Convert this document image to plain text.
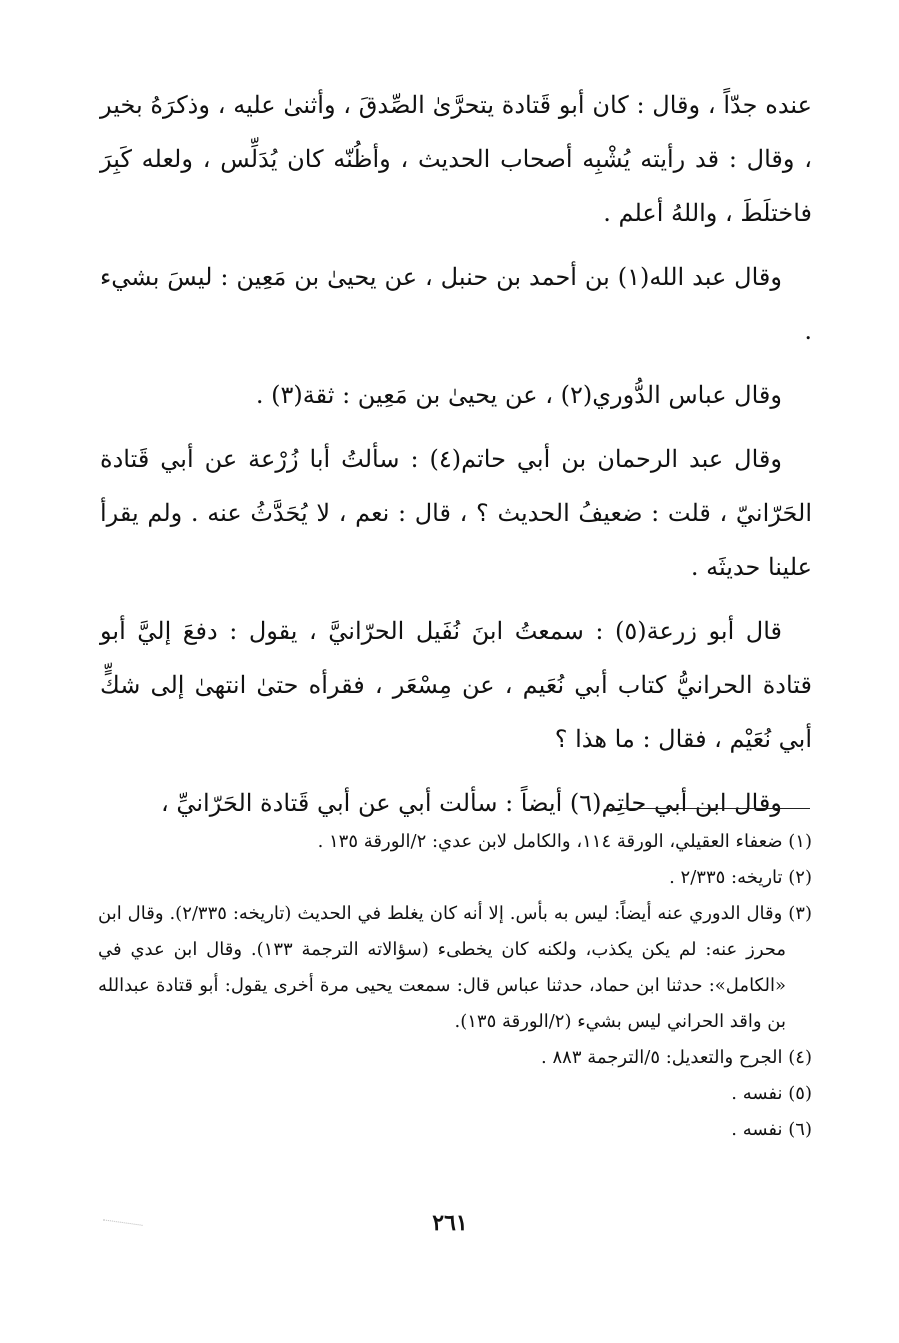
عنده جدّاً ، وقال : كان أبو قَتادة يتحرَّىٰ الصِّدقَ ، وأثنىٰ عليه ، وذكرَهُ بخير ، وقال : قد رأيته يُشْبِه أصحاب الحديث ، وأظُنّه كان يُدَلِّس ، ولعله كَبِرَ فاختلَطَ ، واللهُ أعلم .

وقال عبد الله(١) بن أحمد بن حنبل ، عن يحيىٰ بن مَعِين : ليسَ بشيء .

وقال عباس الدُّوري(٢) ، عن يحيىٰ بن مَعِين : ثقة(٣) .

وقال عبد الرحمان بن أبي حاتم(٤) : سألتُ أبا زُرْعة عن أبي قَتادة الحَرّانيّ ، قلت : ضعيفُ الحديث ؟ ، قال : نعم ، لا يُحَدَّثُ عنه . ولم يقرأ علينا حديثَه .

قال أبو زرعة(٥) : سمعتُ ابنَ نُفَيل الحرّانيَّ ، يقول : دفعَ إليَّ أبو قتادة الحرانيُّ كتاب أبي نُعَيم ، عن مِسْعَر ، فقرأه حتىٰ انتهىٰ إلى شكٍّ أبي نُعَيْم ، فقال : ما هذا ؟

وقال ابن أبي حاتِم(٦) أيضاً : سألت أبي عن أبي قَتادة الحَرّانيِّ ،

(١) ضعفاء العقيلي، الورقة ١١٤، والكامل لابن عدي: ٢/الورقة ١٣٥ .
(٢) تاريخه: ٢/٣٣٥ .
(٣) وقال الدوري عنه أيضاً: ليس به بأس. إلا أنه كان يغلط في الحديث (تاريخه: ٢/٣٣٥). وقال ابن محرز عنه: لم يكن يكذب، ولكنه كان يخطىء (سؤالاته الترجمة ١٣٣). وقال ابن عدي في «الكامل»: حدثنا ابن حماد، حدثنا عباس قال: سمعت يحيى مرة أخرى يقول: أبو قتادة عبدالله بن واقد الحراني ليس بشيء (٢/الورقة ١٣٥).
(٤) الجرح والتعديل: ٥/الترجمة ٨٨٣ .
(٥) نفسه .
(٦) نفسه .
٢٦١
